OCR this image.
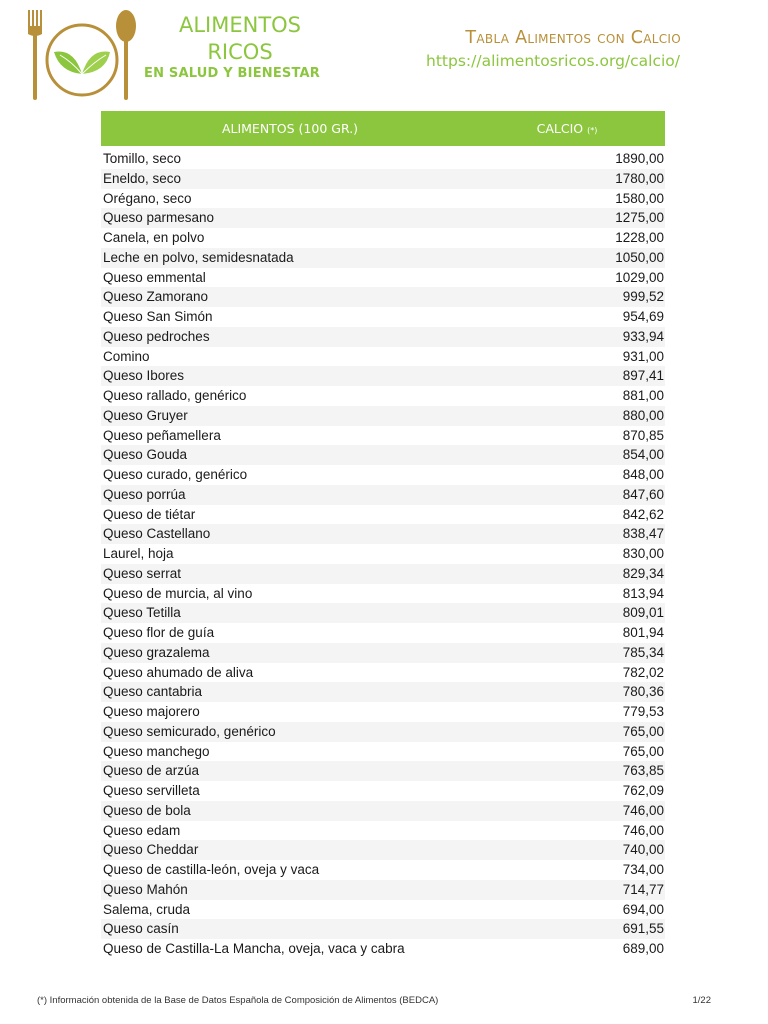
ALIMENTOS
RICOS
EN SALUD Y BIENESTAR
Tabla Alimentos con Calcio
https://alimentosricos.org/calcio/
ALIMENTOS (100 GR.)	CALCIO (*)
Tomillo, seco	1890,00
Eneldo, seco	1780,00
Orégano, seco	1580,00
Queso parmesano	1275,00
Canela, en polvo	1228,00
Leche en polvo, semidesnatada	1050,00
Queso emmental	1029,00
Queso Zamorano	999,52
Queso San Simón	954,69
Queso pedroches	933,94
Comino	931,00
Queso Ibores	897,41
Queso rallado, genérico	881,00
Queso Gruyer	880,00
Queso peñamellera	870,85
Queso Gouda	854,00
Queso curado, genérico	848,00
Queso porrúa	847,60
Queso de tiétar	842,62
Queso Castellano	838,47
Laurel, hoja	830,00
Queso serrat	829,34
Queso de murcia, al vino	813,94
Queso Tetilla	809,01
Queso flor de guía	801,94
Queso grazalema	785,34
Queso ahumado de aliva	782,02
Queso cantabria	780,36
Queso majorero	779,53
Queso semicurado, genérico	765,00
Queso manchego	765,00
Queso de arzúa	763,85
Queso servilleta	762,09
Queso de bola	746,00
Queso edam	746,00
Queso Cheddar	740,00
Queso de castilla-león, oveja y vaca	734,00
Queso Mahón	714,77
Salema, cruda	694,00
Queso casín	691,55
Queso de Castilla-La Mancha, oveja, vaca y cabra	689,00
(*) Información obtenida de la Base de Datos Española de Composición de Alimentos (BEDCA)	1/22
